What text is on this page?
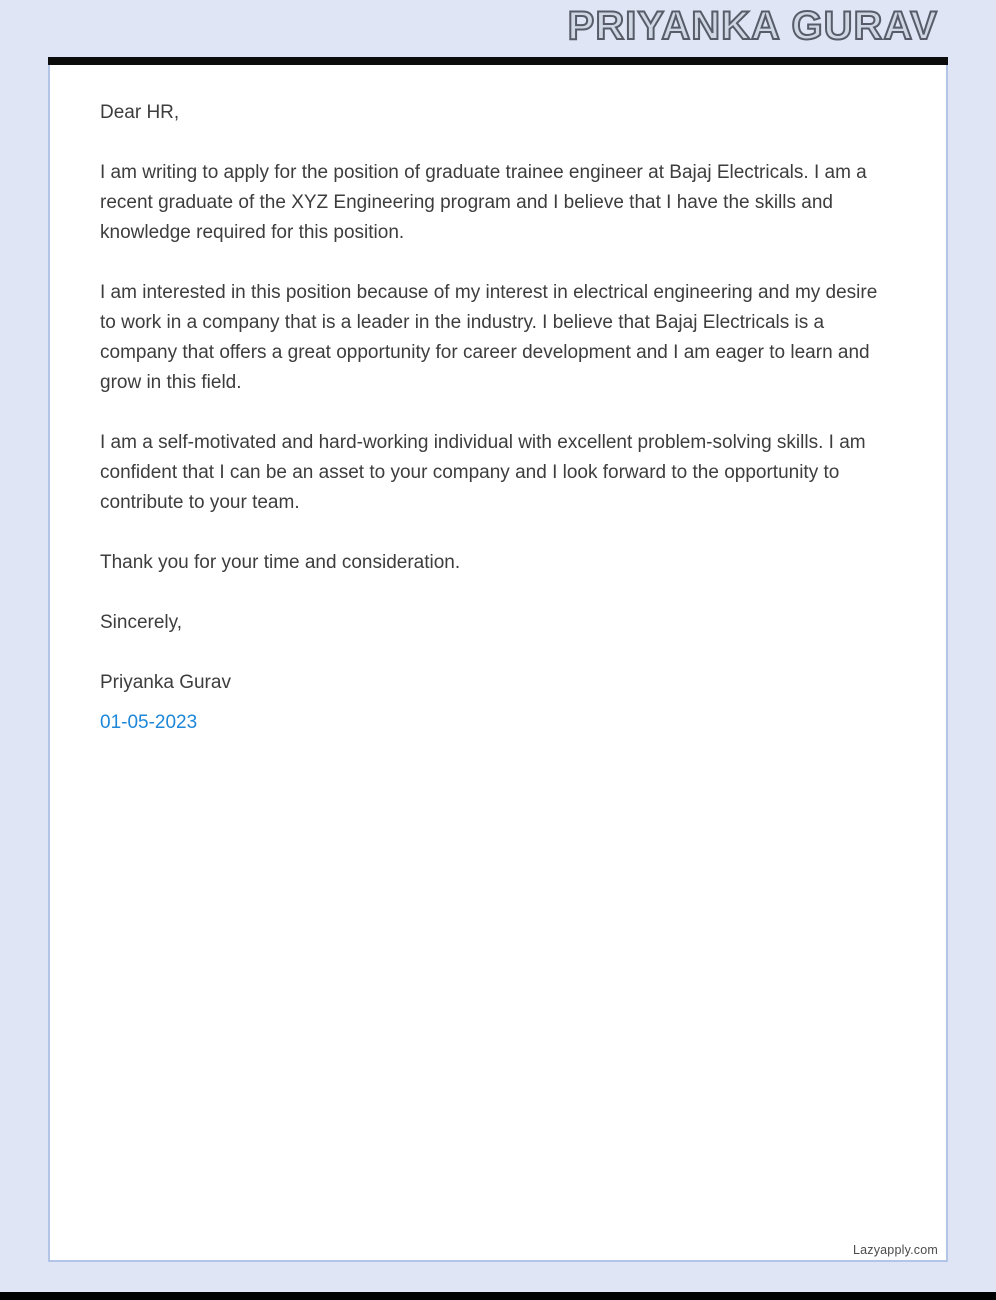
PRIYANKA GURAV

Dear HR,

I am writing to apply for the position of graduate trainee engineer at Bajaj Electricals. I am a recent graduate of the XYZ Engineering program and I believe that I have the skills and knowledge required for this position.

I am interested in this position because of my interest in electrical engineering and my desire to work in a company that is a leader in the industry. I believe that Bajaj Electricals is a company that offers a great opportunity for career development and I am eager to learn and grow in this field.

I am a self-motivated and hard-working individual with excellent problem-solving skills. I am confident that I can be an asset to your company and I look forward to the opportunity to contribute to your team.

Thank you for your time and consideration.

Sincerely,

Priyanka Gurav

01-05-2023

Lazyapply.com
